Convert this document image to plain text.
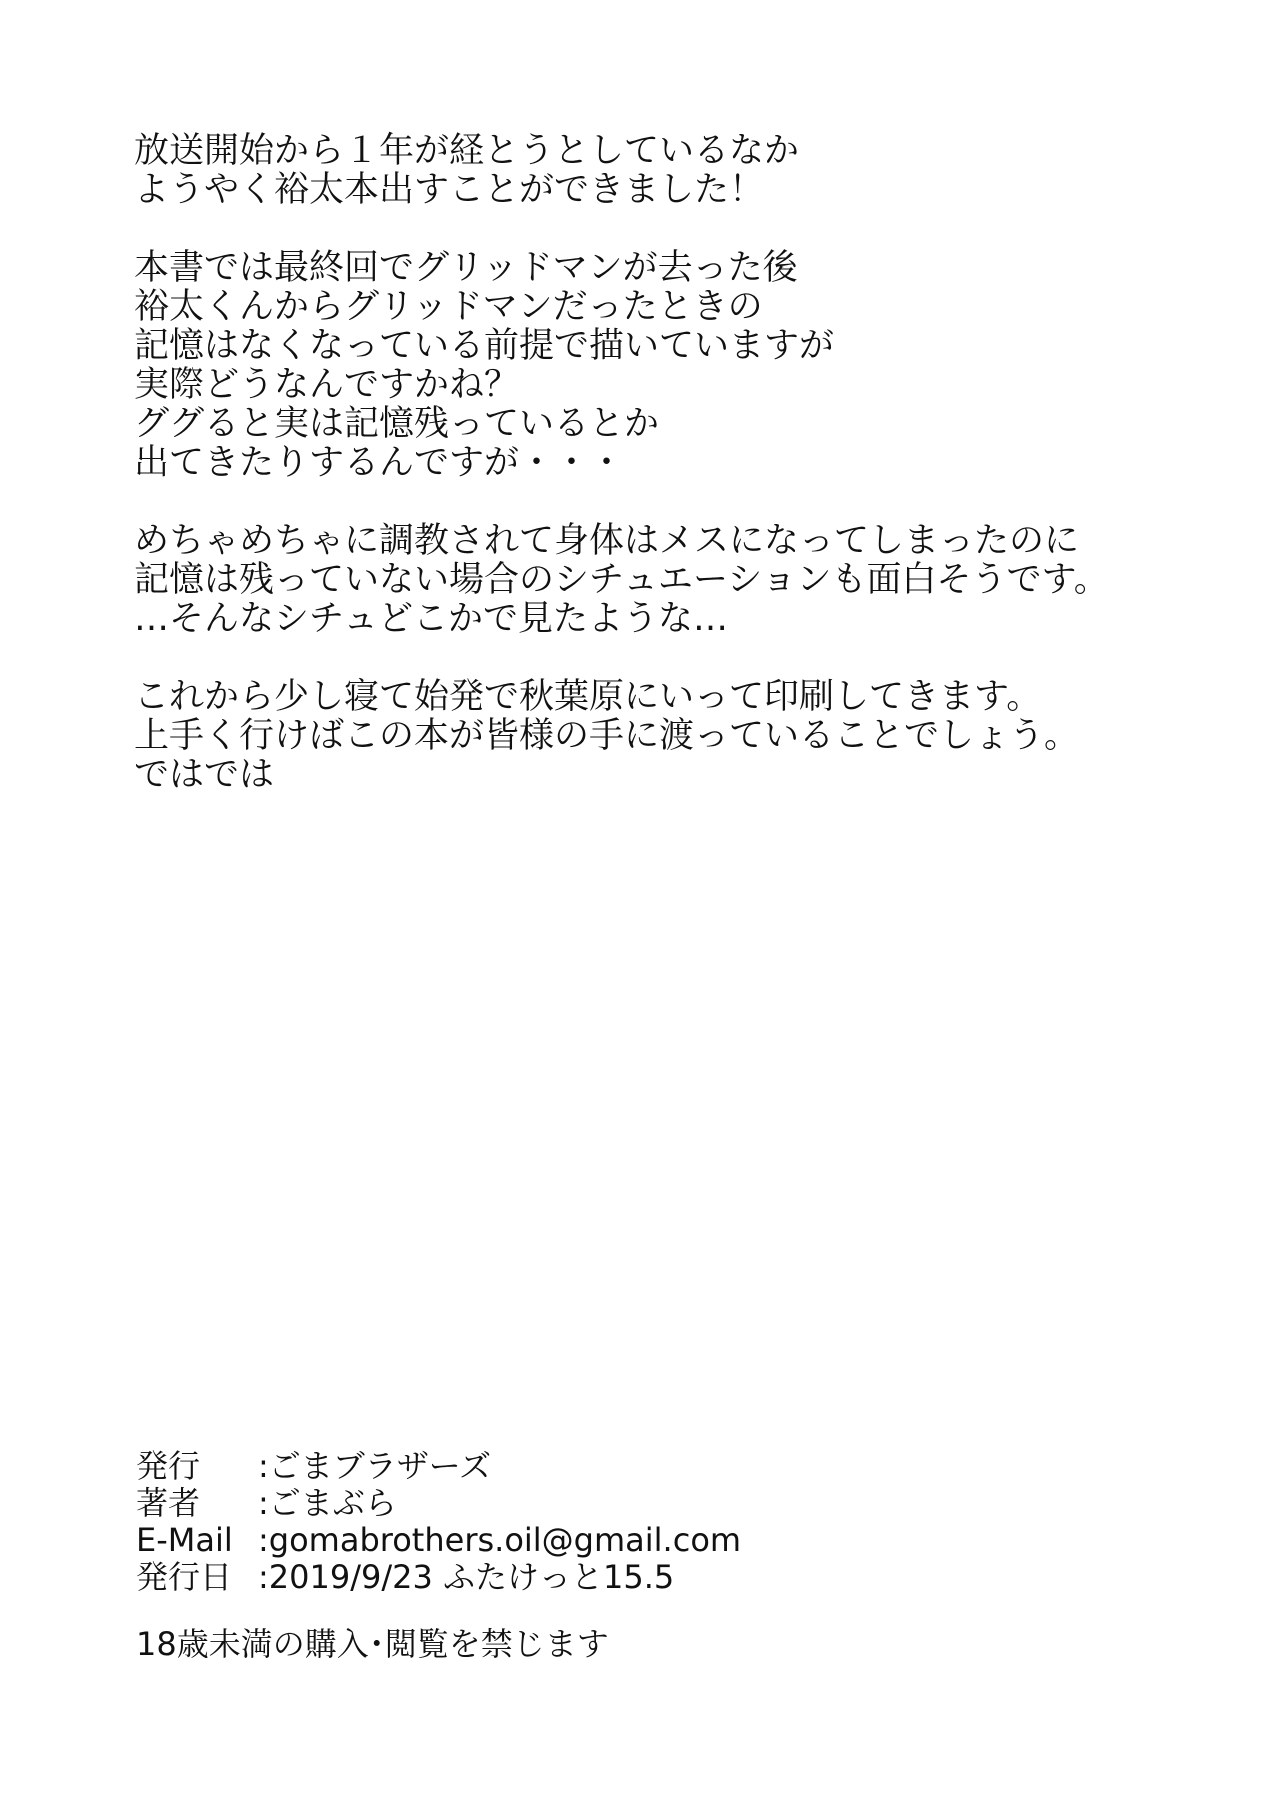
放送開始から１年が経とうとしているなか
ようやく裕太本出すことができました！
本書では最終回でグリッドマンが去った後
裕太くんからグリッドマンだったときの
記憶はなくなっている前提で描いていますが
実際どうなんですかね？
ググると実は記憶残っているとか
出てきたりするんですが・・・
めちゃめちゃに調教されて身体はメスになってしまったのに
記憶は残っていない場合のシチュエーションも面白そうです。
…そんなシチュどこかで見たような…
これから少し寝て始発で秋葉原にいって印刷してきます。
上手く行けばこの本が皆様の手に渡っていることでしょう。
ではでは
発行	:ごまブラザーズ
著者	:ごまぶら
E-Mail :gomabrothers.oil@gmail.com
発行日 :2019/9/23 ふたけっと15.5
18歳未満の購入･閲覧を禁じます
